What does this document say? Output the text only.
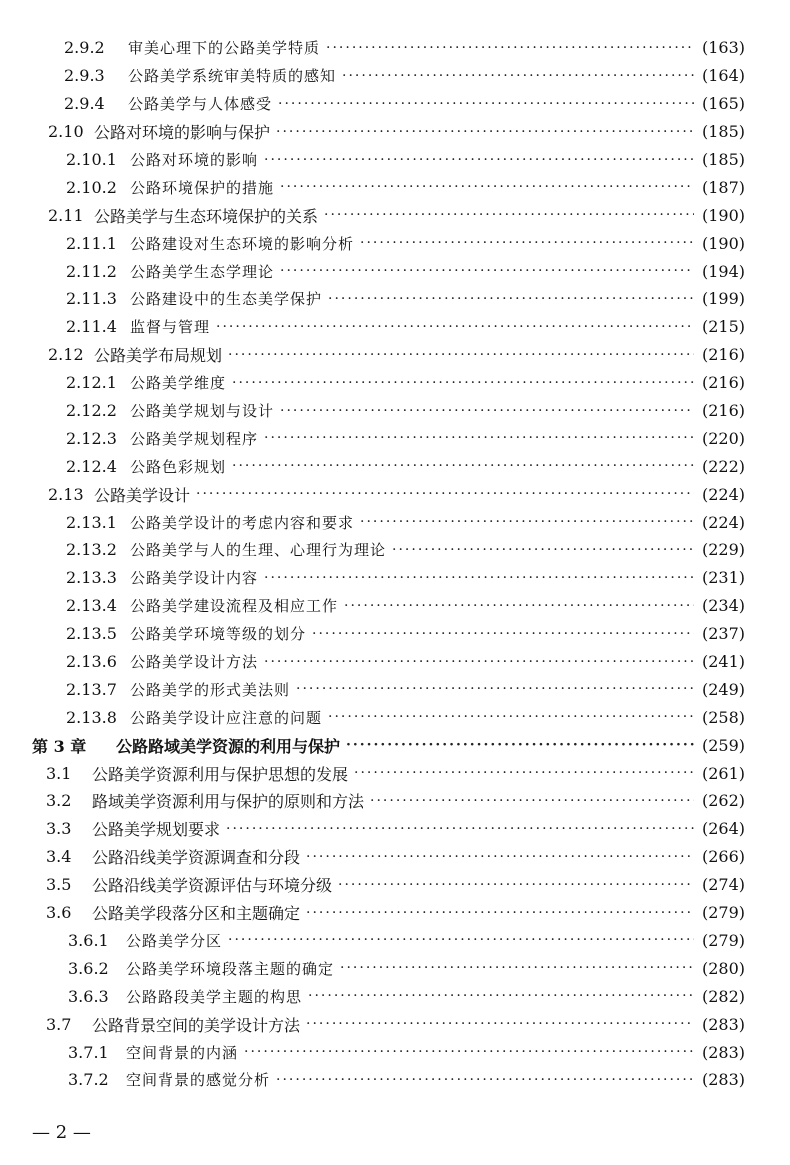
2.9.2	审美心理下的公路美学特质 ·····	(163)
2.9.3	公路美学系统审美特质的感知 ·····	(164)
2.9.4	公路美学与人体感受 ·····	(165)
2.10 公路对环境的影响与保护 ·····	(185)
2.10.1 公路对环境的影响 ·····	(185)
2.10.2 公路环境保护的措施 ·····	(187)
2.11 公路美学与生态环境保护的关系 ·····	(190)
2.11.1 公路建设对生态环境的影响分析 ·····	(190)
2.11.2 公路美学生态学理论 ·····	(194)
2.11.3 公路建设中的生态美学保护 ·····	(199)
2.11.4 监督与管理 ·····	(215)
2.12 公路美学布局规划 ·····	(216)
2.12.1 公路美学维度 ·····	(216)
2.12.2 公路美学规划与设计 ·····	(216)
2.12.3 公路美学规划程序 ·····	(220)
2.12.4 公路色彩规划 ·····	(222)
2.13 公路美学设计 ·····	(224)
2.13.1 公路美学设计的考虑内容和要求 ·····	(224)
2.13.2 公路美学与人的生理、心理行为理论 ·····	(229)
2.13.3 公路美学设计内容 ·····	(231)
2.13.4 公路美学建设流程及相应工作 ·····	(234)
2.13.5 公路美学环境等级的划分 ·····	(237)
2.13.6 公路美学设计方法 ·····	(241)
2.13.7 公路美学的形式美法则 ·····	(249)
2.13.8 公路美学设计应注意的问题 ·····	(258)
第 3 章	公路路域美学资源的利用与保护 ·····	(259)
3.1	公路美学资源利用与保护思想的发展 ·····	(261)
3.2	路域美学资源利用与保护的原则和方法 ·····	(262)
3.3	公路美学规划要求 ·····	(264)
3.4	公路沿线美学资源调查和分段 ·····	(266)
3.5	公路沿线美学资源评估与环境分级 ·····	(274)
3.6	公路美学段落分区和主题确定 ·····	(279)
3.6.1	公路美学分区 ·····	(279)
3.6.2	公路美学环境段落主题的确定 ·····	(280)
3.6.3	公路路段美学主题的构思 ·····	(282)
3.7	公路背景空间的美学设计方法 ·····	(283)
3.7.1	空间背景的内涵 ·····	(283)
3.7.2	空间背景的感觉分析 ·····	(283)
— 2 —
